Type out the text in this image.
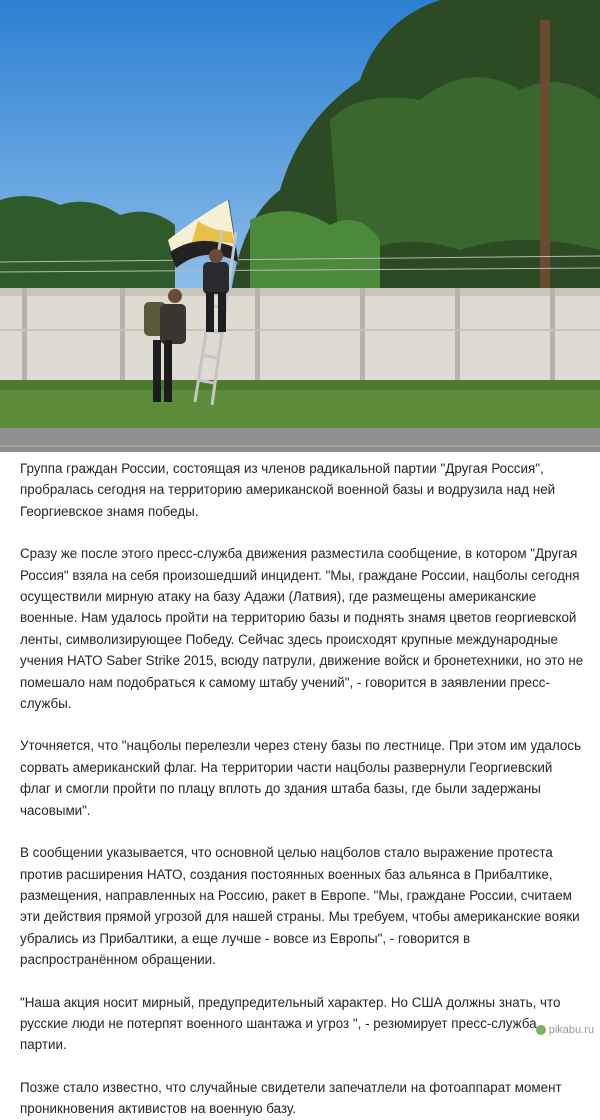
Группа граждан России, состоящая из членов радикальной партии "Другая Россия", пробралась сегодня на территорию американской военной базы и водрузила над ней Георгиевское знамя победы.

Сразу же после этого пресс-служба движения разместила сообщение, в котором "Другая Россия" взяла на себя произошедший инцидент. "Мы, граждане России, нацболы сегодня осуществили мирную атаку на базу Адажи (Латвия), где размещены американские военные. Нам удалось пройти на территорию базы и поднять знамя цветов георгиевской ленты, символизирующее Победу. Сейчас здесь происходят крупные международные учения НАТО Saber Strike 2015, всюду патрули, движение войск и бронетехники, но это не помешало нам подобраться к самому штабу учений", - говорится в заявлении пресс-службы.

Уточняется, что "нацболы перелезли через стену базы по лестнице. При этом им удалось сорвать американский флаг. На территории части нацболы развернули Георгиевский флаг и смогли пройти по плацу вплоть до здания штаба базы, где были задержаны часовыми".

В сообщении указывается, что основной целью нацболов стало выражение протеста против расширения НАТО, создания постоянных военных баз альянса в Прибалтике, размещения, направленных на Россию, ракет в Европе. "Мы, граждане России, считаем эти действия прямой угрозой для нашей страны. Мы требуем, чтобы американские вояки убрались из Прибалтики, а еще лучше - вовсе из Европы", - говорится в распространённом обращении.

"Наша акция носит мирный, предупредительный характер. Но США должны знать, что русские люди не потерпят военного шантажа и угроз ", - резюмирует пресс-служба партии.

Позже стало известно, что случайные свидетели запечатлели на фотоаппарат момент проникновения активистов на военную базу.	pikabu.ru
